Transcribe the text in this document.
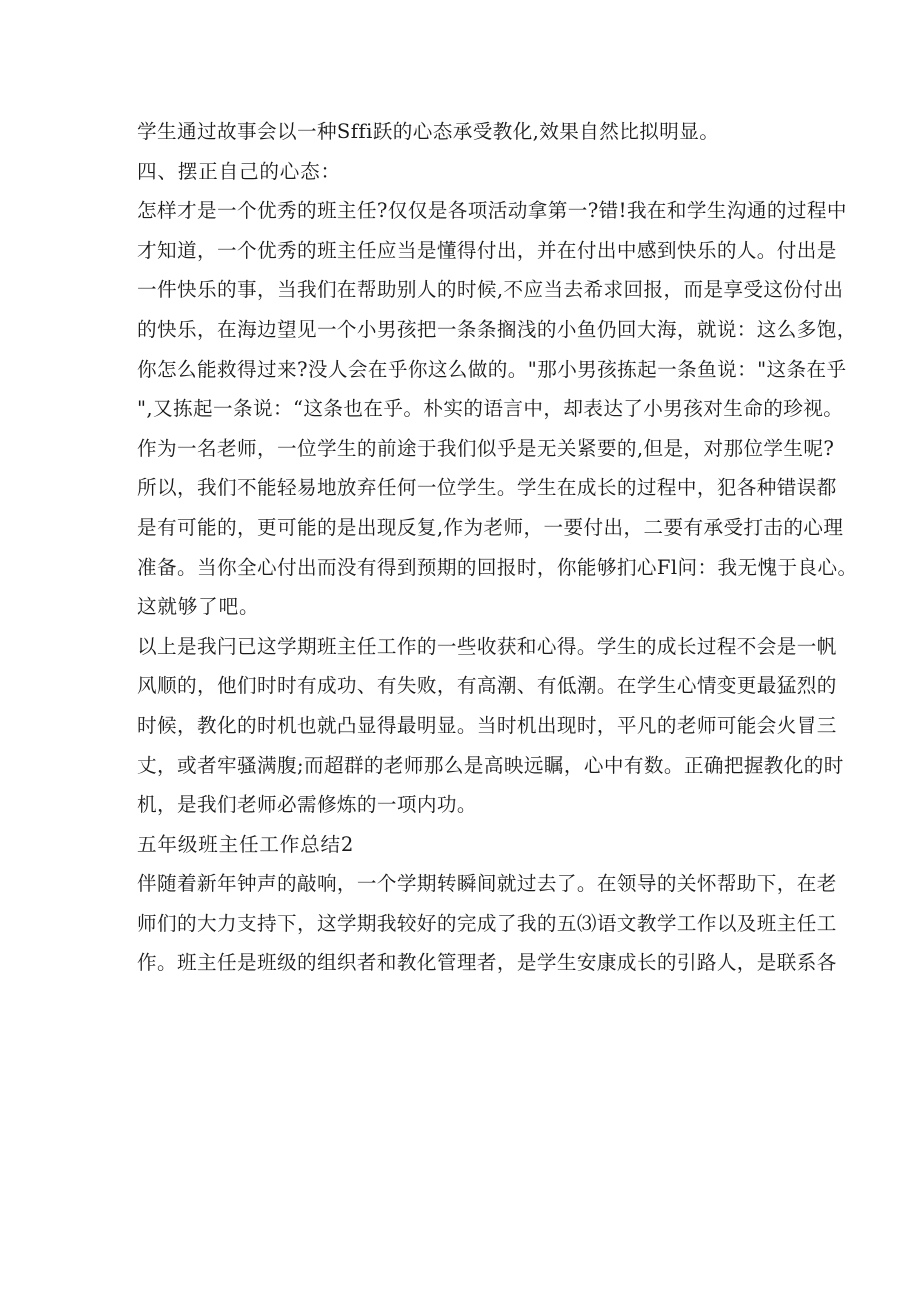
学生通过故事会以一种Sffi跃的心态承受教化,效果自然比拟明显。
四、摆正自己的心态：
怎样才是一个优秀的班主任?仅仅是各项活动拿第一?错!我在和学生沟通的过程中
才知道，一个优秀的班主任应当是懂得付出，并在付出中感到快乐的人。付出是
一件快乐的事，当我们在帮助别人的时候,不应当去希求回报，而是享受这份付出
的快乐，在海边望见一个小男孩把一条条搁浅的小鱼仍回大海，就说：这么多饱，
你怎么能救得过来?没人会在乎你这么做的。"那小男孩拣起一条鱼说："这条在乎
",又拣起一条说：“这条也在乎。朴实的语言中，却表达了小男孩对生命的珍视。
作为一名老师，一位学生的前途于我们似乎是无关紧要的,但是，对那位学生呢?
所以，我们不能轻易地放弃任何一位学生。学生在成长的过程中，犯各种错误都
是有可能的，更可能的是出现反复,作为老师，一要付出，二要有承受打击的心理
准备。当你全心付出而没有得到预期的回报时，你能够扪心Fl问：我无愧于良心。
这就够了吧。
以上是我闩已这学期班主任工作的一些收获和心得。学生的成长过程不会是一帆
风顺的，他们时时有成功、有失败，有高潮、有低潮。在学生心情变更最猛烈的
时候，教化的时机也就凸显得最明显。当时机出现时，平凡的老师可能会火冒三
丈，或者牢骚满腹;而超群的老师那么是高映远瞩，心中有数。正确把握教化的时
机，是我们老师必需修炼的一项内功。
五年级班主任工作总结2
伴随着新年钟声的敲响，一个学期转瞬间就过去了。在领导的关怀帮助下，在老
师们的大力支持下，这学期我较好的完成了我的五⑶语文教学工作以及班主任工
作。班主任是班级的组织者和教化管理者，是学生安康成长的引路人，是联系各
